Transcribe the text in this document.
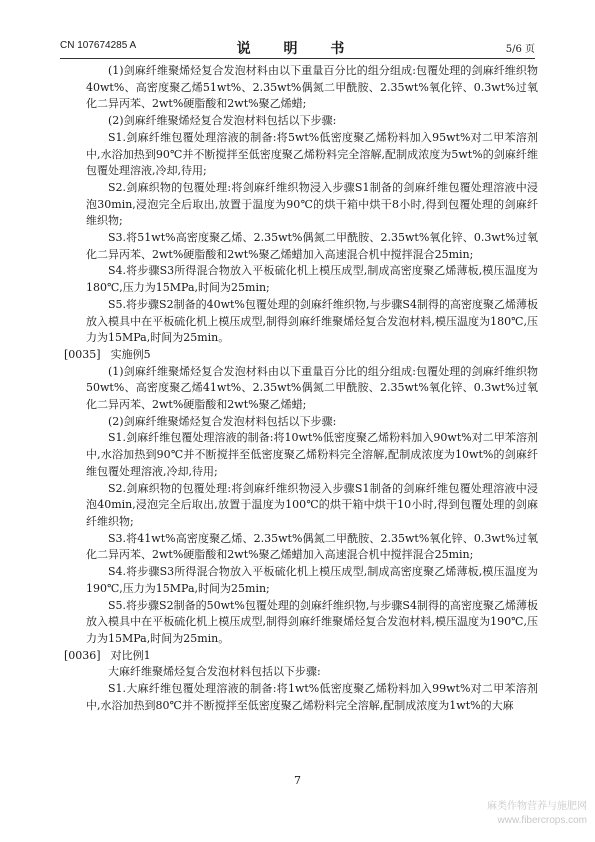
CN 107674285 A	说 明 书	5/6 页

(1)剑麻纤维聚烯烃复合发泡材料由以下重量百分比的组分组成:包覆处理的剑麻纤维织物40wt%、高密度聚乙烯51wt%、2.35wt%偶氮二甲酰胺、2.35wt%氧化锌、0.3wt%过氧化二异丙苯、2wt%硬脂酸和2wt%聚乙烯蜡;

(2)剑麻纤维聚烯烃复合发泡材料包括以下步骤:

S1.剑麻纤维包覆处理溶液的制备:将5wt%低密度聚乙烯粉料加入95wt%对二甲苯溶剂中,水浴加热到90℃并不断搅拌至低密度聚乙烯粉料完全溶解,配制成浓度为5wt%的剑麻纤维包覆处理溶液,冷却,待用;

S2.剑麻织物的包覆处理:将剑麻纤维织物浸入步骤S1制备的剑麻纤维包覆处理溶液中浸泡30min,浸泡完全后取出,放置于温度为90℃的烘干箱中烘干8小时,得到包覆处理的剑麻纤维织物;

S3.将51wt%高密度聚乙烯、2.35wt%偶氮二甲酰胺、2.35wt%氧化锌、0.3wt%过氧化二异丙苯、2wt%硬脂酸和2wt%聚乙烯蜡加入高速混合机中搅拌混合25min;

S4.将步骤S3所得混合物放入平板硫化机上模压成型,制成高密度聚乙烯薄板,模压温度为180℃,压力为15MPa,时间为25min;

S5.将步骤S2制备的40wt%包覆处理的剑麻纤维织物,与步骤S4制得的高密度聚乙烯薄板放入模具中在平板硫化机上模压成型,制得剑麻纤维聚烯烃复合发泡材料,模压温度为180℃,压力为15MPa,时间为25min。

[0035] 实施例5

(1)剑麻纤维聚烯烃复合发泡材料由以下重量百分比的组分组成:包覆处理的剑麻纤维织物50wt%、高密度聚乙烯41wt%、2.35wt%偶氮二甲酰胺、2.35wt%氧化锌、0.3wt%过氧化二异丙苯、2wt%硬脂酸和2wt%聚乙烯蜡;

(2)剑麻纤维聚烯烃复合发泡材料包括以下步骤:

S1.剑麻纤维包覆处理溶液的制备:将10wt%低密度聚乙烯粉料加入90wt%对二甲苯溶剂中,水浴加热到90℃并不断搅拌至低密度聚乙烯粉料完全溶解,配制成浓度为10wt%的剑麻纤维包覆处理溶液,冷却,待用;

S2.剑麻织物的包覆处理:将剑麻纤维织物浸入步骤S1制备的剑麻纤维包覆处理溶液中浸泡40min,浸泡完全后取出,放置于温度为100℃的烘干箱中烘干10小时,得到包覆处理的剑麻纤维织物;

S3.将41wt%高密度聚乙烯、2.35wt%偶氮二甲酰胺、2.35wt%氧化锌、0.3wt%过氧化二异丙苯、2wt%硬脂酸和2wt%聚乙烯蜡加入高速混合机中搅拌混合25min;

S4.将步骤S3所得混合物放入平板硫化机上模压成型,制成高密度聚乙烯薄板,模压温度为190℃,压力为15MPa,时间为25min;

S5.将步骤S2制备的50wt%包覆处理的剑麻纤维织物,与步骤S4制得的高密度聚乙烯薄板放入模具中在平板硫化机上模压成型,制得剑麻纤维聚烯烃复合发泡材料,模压温度为190℃,压力为15MPa,时间为25min。

[0036] 对比例1

大麻纤维聚烯烃复合发泡材料包括以下步骤:

S1.大麻纤维包覆处理溶液的制备:将1wt%低密度聚乙烯粉料加入99wt%对二甲苯溶剂中,水浴加热到80℃并不断搅拌至低密度聚乙烯粉料完全溶解,配制成浓度为1wt%的大麻

7
麻类作物营养与施肥网
www.fibercrops.com
